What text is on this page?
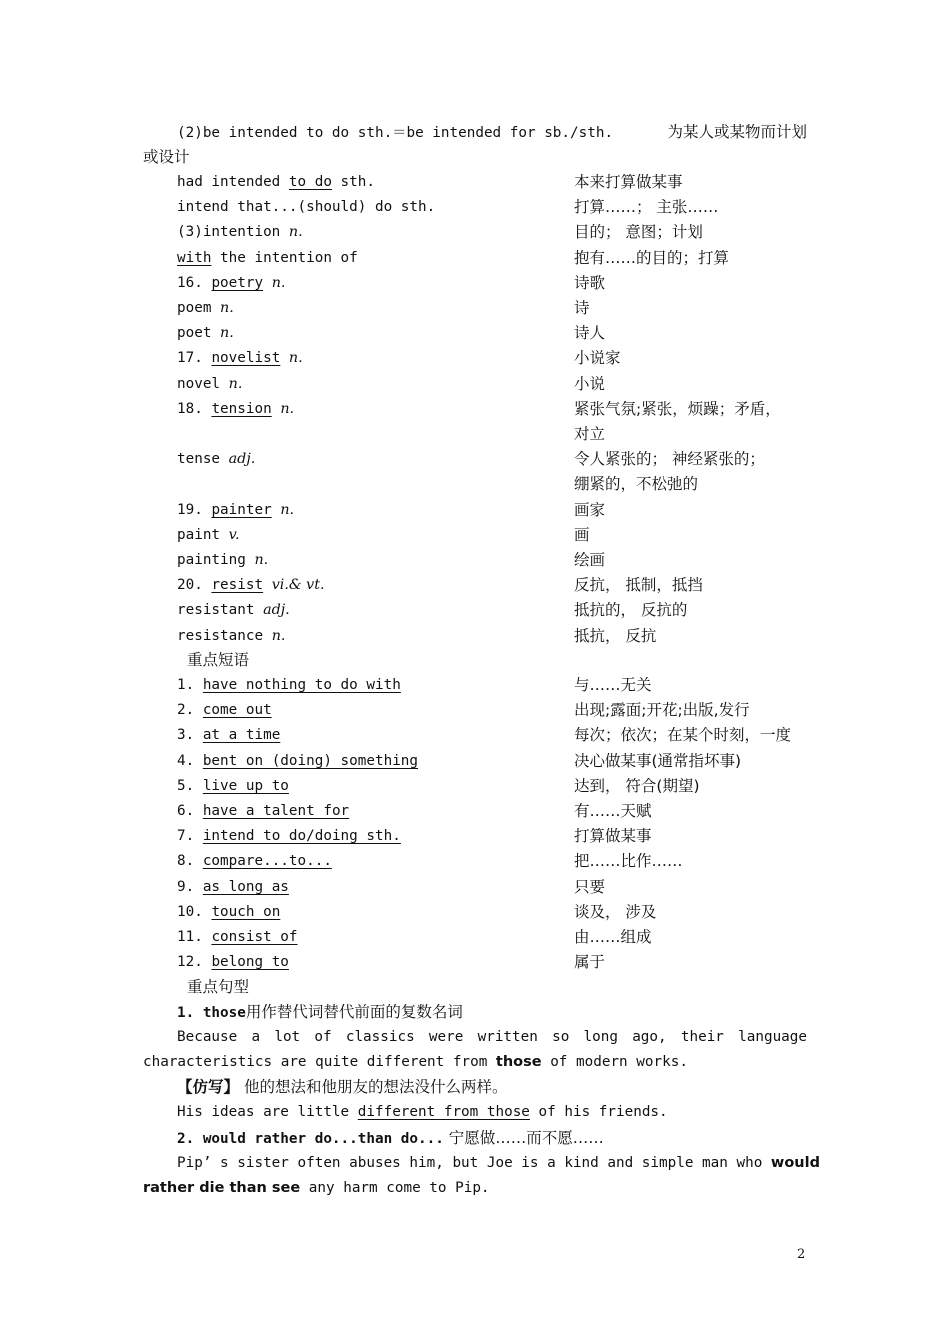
(2)be intended to do sth.＝be intended for sb./sth.	为某人或某物而计划
或设计
had intended to do sth.	本来打算做某事
intend that...(should) do sth.	打算……； 主张……
(3)intention n.	目的； 意图；计划
with the intention of	抱有……的目的；打算
16. poetry n.	诗歌
poem n.	诗
poet n.	诗人
17. novelist n.	小说家
novel n.	小说
18. tension n.	紧张气氛;紧张，烦躁；矛盾，
对立
tense adj.	令人紧张的； 神经紧张的；
绷紧的，不松弛的
19. painter n.	画家
paint v.	画
painting n.	绘画
20. resist vi.& vt.	反抗， 抵制，抵挡
resistant adj.	抵抗的， 反抗的
resistance n.	抵抗， 反抗
重点短语
1. have nothing to do with	与……无关
2. come out	出现;露面;开花;出版,发行
3. at a time	每次；依次；在某个时刻，一度
4. bent on (doing) something	决心做某事(通常指坏事)
5. live up to	达到， 符合(期望)
6. have a talent for	有……天赋
7. intend to do/doing sth.	打算做某事
8. compare...to...	把……比作……
9. as long as	只要
10. touch on	谈及， 涉及
11. consist of	由……组成
12. belong to	属于
重点句型
1. those用作替代词替代前面的复数名词
Because a lot of classics were written so long ago, their language
characteristics are quite different from those of modern works.
【仿写】 他的想法和他朋友的想法没什么两样。
His ideas are little different from those of his friends.
2. would rather do...than do... 宁愿做……而不愿……
Pip’ s sister often abuses him, but Joe is a kind and simple man who would
rather die than see any harm come to Pip.
2
